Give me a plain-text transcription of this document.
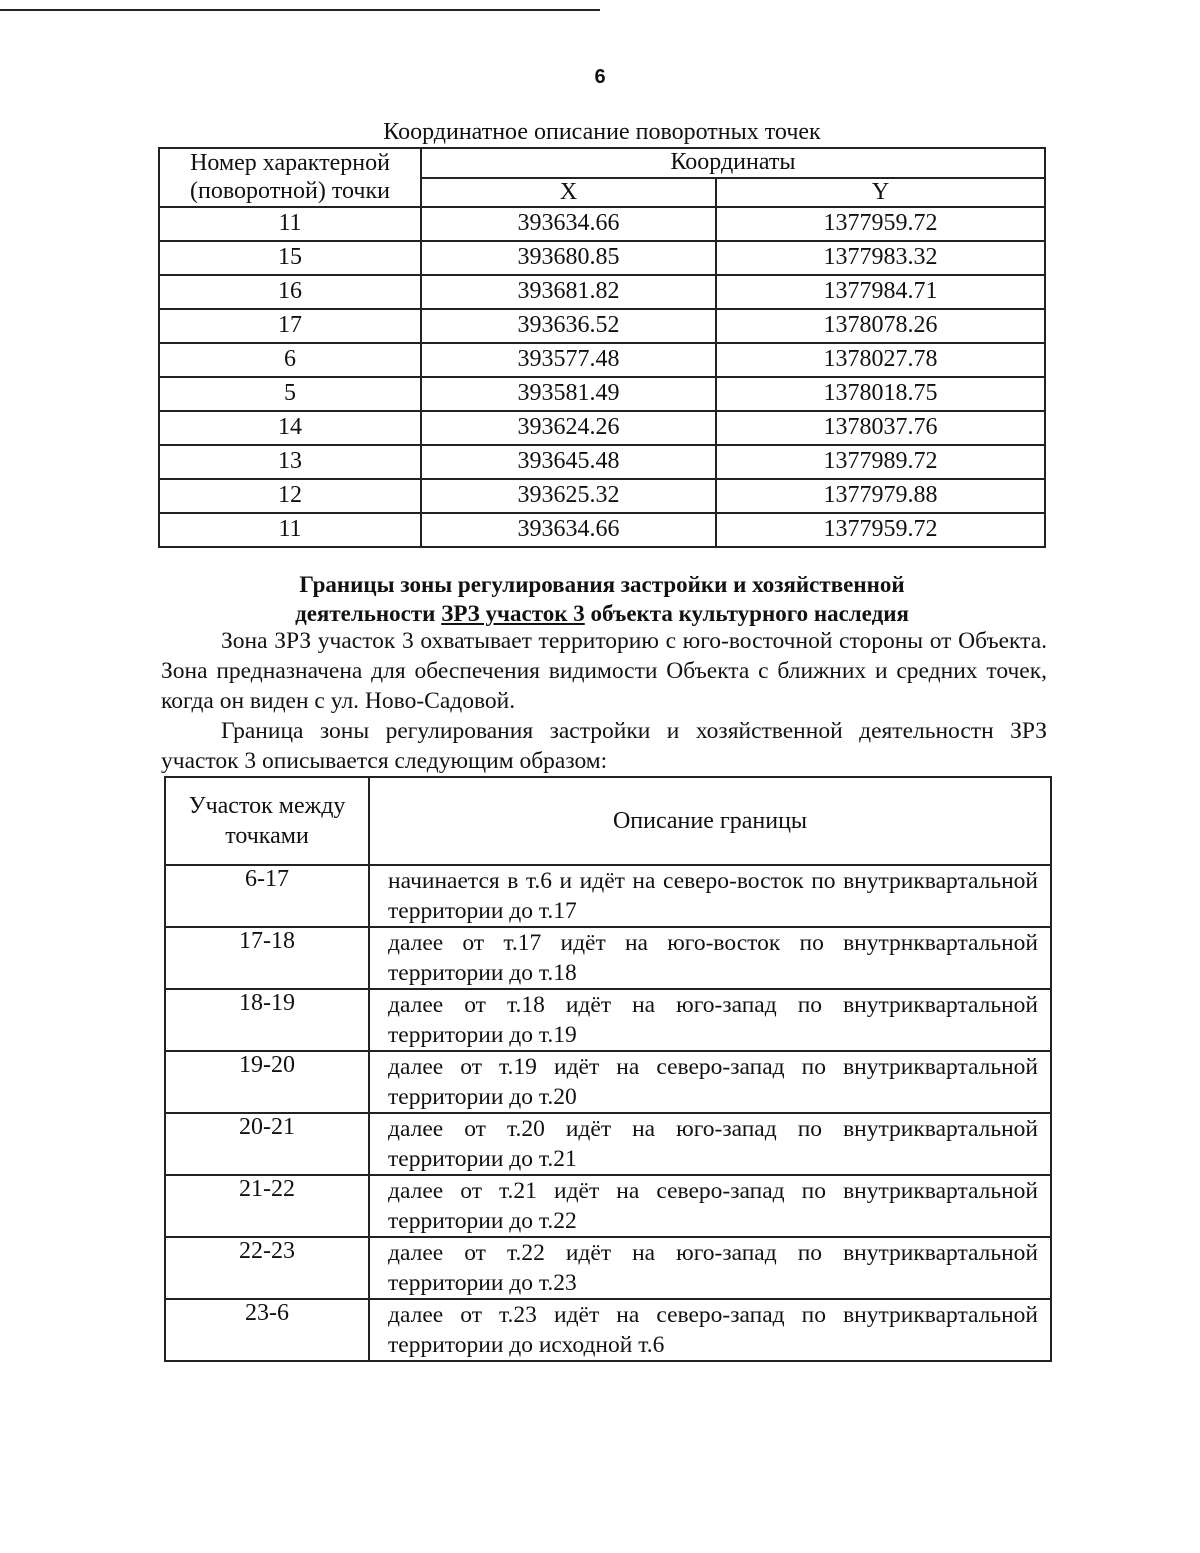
6
Координатное описание поворотных точек
Номер характерной (поворотной) точки	Координаты	
	X	Y
11	393634.66	1377959.72
15	393680.85	1377983.32
16	393681.82	1377984.71
17	393636.52	1378078.26
6	393577.48	1378027.78
5	393581.49	1378018.75
14	393624.26	1378037.76
13	393645.48	1377989.72
12	393625.32	1377979.88
11	393634.66	1377959.72
Границы зоны регулирования застройки и хозяйственной
деятельности ЗРЗ участок 3 объекта культурного наследия
Зона ЗРЗ участок 3 охватывает территорию с юго-восточной стороны от Объекта. Зона предназначена для обеспечения видимости Объекта с ближних и средних точек, когда он виден с ул. Ново-Садовой.
Граница зоны регулирования застройки и хозяйственной деятельностн ЗРЗ участок 3 описывается следующим образом:
Участок между точками	Описание границы
6-17	начинается в т.6 и идёт на северо-восток по внутриквартальной территории до т.17
17-18	далее от т.17 идёт на юго-восток по внутрнквартальной территории до т.18
18-19	далее от т.18 идёт на юго-запад по внутриквартальной территории до т.19
19-20	далее от т.19 идёт на северо-запад по внутриквартальной территории до т.20
20-21	далее от т.20 идёт на юго-запад по внутриквартальной территории до т.21
21-22	далее от т.21 идёт на северо-запад по внутриквартальной территории до т.22
22-23	далее от т.22 идёт на юго-запад по внутриквартальной территории до т.23
23-6	далее от т.23 идёт на северо-запад по внутриквартальной территории до исходной т.6
